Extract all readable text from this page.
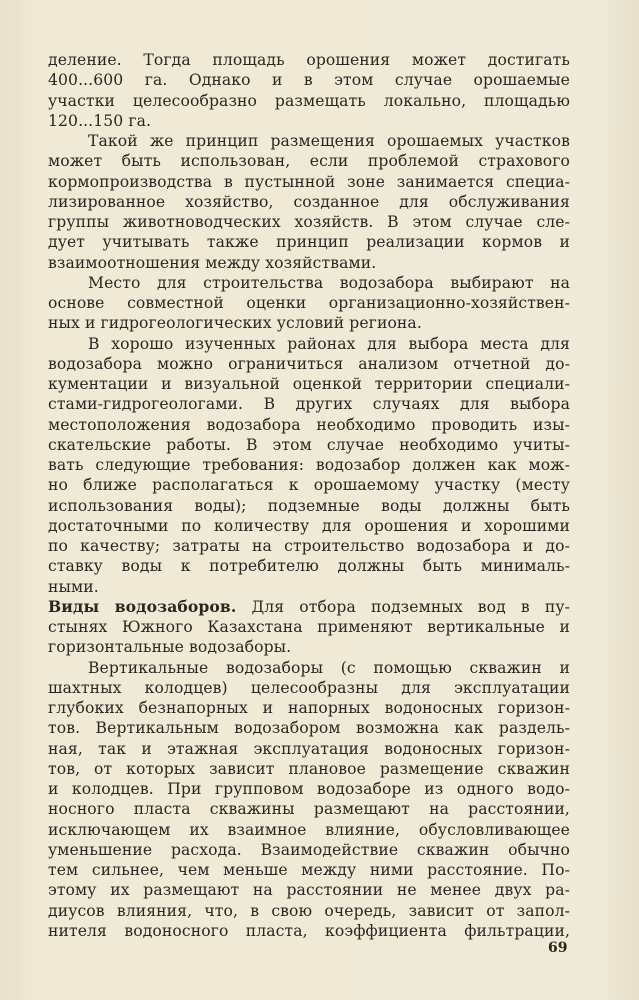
деление. Тогда площадь орошения может достигать
400...600 га. Однако и в этом случае орошаемые
участки целесообразно размещать локально, площадью
120...150 га.
Такой же принцип размещения орошаемых участков
может быть использован, если проблемой страхового
кормопроизводства в пустынной зоне занимается специа-
лизированное хозяйство, созданное для обслуживания
группы животноводческих хозяйств. В этом случае сле-
дует учитывать также принцип реализации кормов и
взаимоотношения между хозяйствами.
Место для строительства водозабора выбирают на
основе совместной оценки организационно-хозяйствен-
ных и гидрогеологических условий региона.
В хорошо изученных районах для выбора места для
водозабора можно ограничиться анализом отчетной до-
кументации и визуальной оценкой территории специали-
стами-гидрогеологами. В других случаях для выбора
местоположения водозабора необходимо проводить изы-
скательские работы. В этом случае необходимо учиты-
вать следующие требования: водозабор должен как мож-
но ближе располагаться к орошаемому участку (месту
использования воды); подземные воды должны быть
достаточными по количеству для орошения и хорошими
по качеству; затраты на строительство водозабора и до-
ставку воды к потребителю должны быть минималь-
ными.
Виды водозаборов. Для отбора подземных вод в пу-
стынях Южного Казахстана применяют вертикальные и
горизонтальные водозаборы.
Вертикальные водозаборы (с помощью скважин и
шахтных колодцев) целесообразны для эксплуатации
глубоких безнапорных и напорных водоносных горизон-
тов. Вертикальным водозабором возможна как раздель-
ная, так и этажная эксплуатация водоносных горизон-
тов, от которых зависит плановое размещение скважин
и колодцев. При групповом водозаборе из одного водо-
носного пласта скважины размещают на расстоянии,
исключающем их взаимное влияние, обусловливающее
уменьшение расхода. Взаимодействие скважин обычно
тем сильнее, чем меньше между ними расстояние. По-
этому их размещают на расстоянии не менее двух ра-
диусов влияния, что, в свою очередь, зависит от запол-
нителя водоносного пласта, коэффициента фильтрации,
69
